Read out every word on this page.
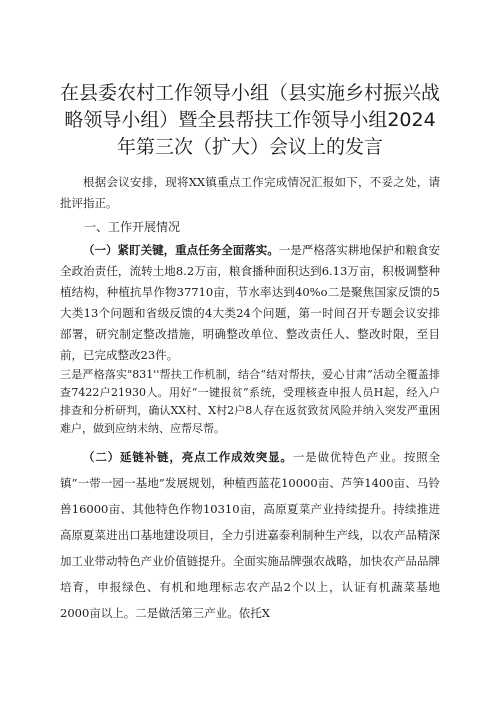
在县委农村工作领导小组（县实施乡村振兴战
略领导小组）暨全县帮扶工作领导小组2024
年第三次（扩大）会议上的发言

根据会议安排，现将XX镇重点工作完成情况汇报如下，不妥之处，请批评指正。

一、工作开展情况

（一）紧盯关键，重点任务全面落实。一是严格落实耕地保护和粮食安全政治责任，流转土地8.2万亩，粮食播种面积达到6.13万亩，积极调整种植结构，种植抗旱作物37710亩，节水率达到40%o二是聚焦国家反馈的5大类13个问题和省级反馈的4大类24个问题，第一时间召开专题会议安排部署，研究制定整改措施，明确整改单位、整改责任人、整改时限，至目前，已完成整改23件。

三是严格落实"831''帮扶工作机制，结合“结对帮扶，爱心甘肃”活动全覆盖排查7422户21930人。用好“一键报贫”系统，受理核查申报人员H起，经入户排查和分析研判，确认XX村、X村2户8人存在返贫致贫风险并纳入突发严重困难户，做到应纳未纳、应帮尽帮。

（二）延链补链，亮点工作成效突显。一是做优特色产业。按照全镇”一带一园一基地”发展规划，种植西蓝花10000亩、芦笋1400亩、马铃兽16000亩、其他特色作物10310亩，高原夏菜产业持续提升。持续推进高原夏菜进出口基地建设项目，全力引进嘉泰利制种生产线，以农产品精深加工业带动特色产业价值链提升。全面实施品牌强农战略，加快农产品品牌培育，申报绿色、有机和地理标志农产品2个以上，认证有机蔬菜基地2000亩以上。二是做活第三产业。依托X
